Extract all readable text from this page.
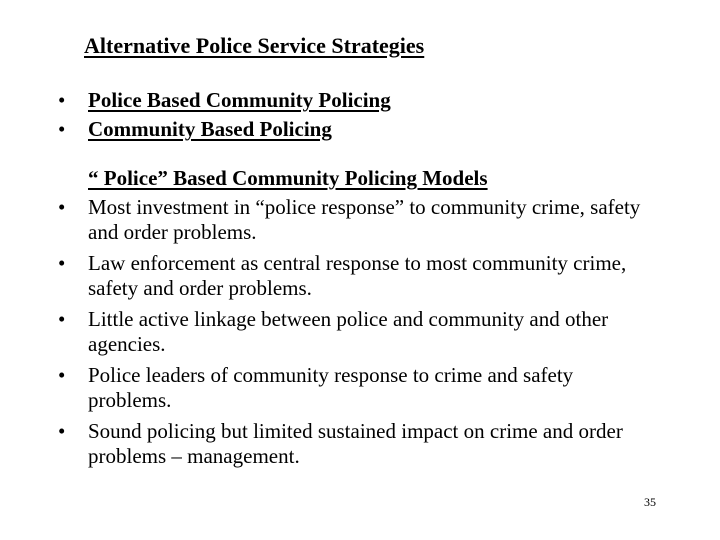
Alternative Police Service Strategies
•	Police Based Community Policing
•	Community Based Policing
“ Police” Based Community Policing Models
•	Most investment in “police response” to community crime, safety and order problems.
•	Law enforcement as central response to most community crime, safety and order problems.
•	Little active linkage between police and community and other agencies.
•	Police leaders of community response to crime and safety problems.
•	Sound policing but limited sustained impact on crime and order problems – management.
35
